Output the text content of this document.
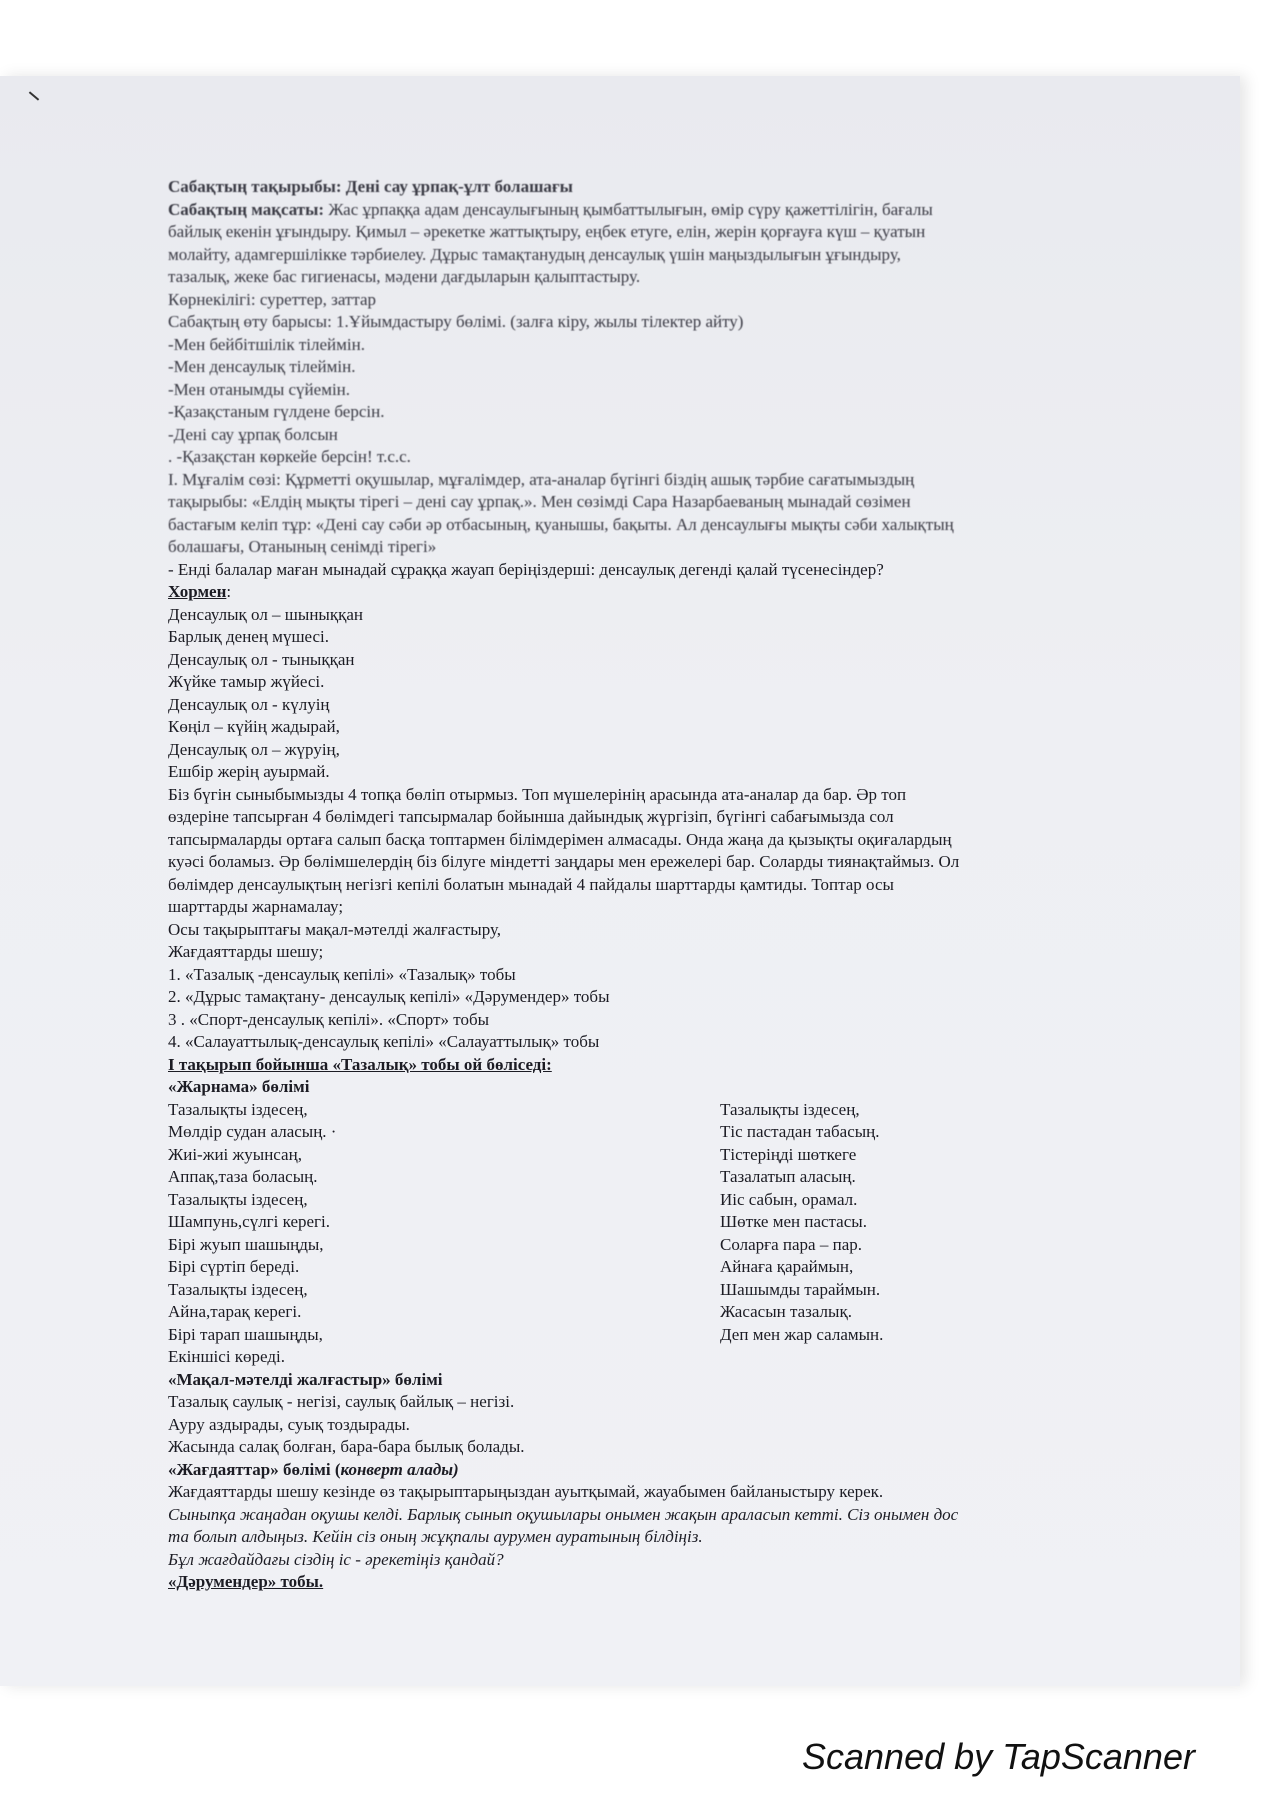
Сабақтың тақырыбы: Дені сау ұрпақ-ұлт болашағы
Сабақтың мақсаты: Жас ұрпаққа адам денсаулығының қымбаттылығын, өмір сүру қажеттілігін, бағалы
байлық екенін ұғындыру. Қимыл – әрекетке жаттықтыру, еңбек етуге, елін, жерін қорғауға күш – қуатын
молайту, адамгершілікке тәрбиелеу. Дұрыс тамақтанудың денсаулық үшін маңыздылығын ұғындыру,
тазалық, жеке бас гигиенасы, мәдени дағдыларын қалыптастыру.
Көрнекілігі: суреттер, заттар
Сабақтың өту барысы: 1.Ұйымдастыру бөлімі. (залға кіру, жылы тілектер айту)
-Мен бейбітшілік тілеймін.
-Мен денсаулық тілеймін.
-Мен отанымды сүйемін.
-Қазақстаным гүлдене берсін.
-Дені сау ұрпақ болсын
. -Қазақстан көркейе берсін! т.с.с.
I. Мұғалім сөзі: Құрметті оқушылар, мұғалімдер, ата-аналар бүгінгі біздің ашық тәрбие сағатымыздың
тақырыбы: «Елдің мықты тірегі – дені сау ұрпақ.». Мен сөзімді Сара Назарбаеваның мынадай сөзімен
бастағым келіп тұр: «Дені сау сәби әр отбасының, қуанышы, бақыты. Ал денсаулығы мықты сәби халықтың
болашағы, Отанының сенімді тірегі»
- Енді балалар маған мынадай сұраққа жауап беріңіздерші: денсаулық дегенді қалай түсенесіндер?
Хормен:
Денсаулық ол – шыныққан
Барлық денең мүшесі.
Денсаулық ол - тыныққан
Жүйке тамыр жүйесі.
Денсаулық ол - күлуің
Көңіл – күйің жадырай,
Денсаулық ол – жүруің,
Ешбір жерің ауырмай.
Біз бүгін сыныбымызды 4 топқа бөліп отырмыз. Топ мүшелерінің арасында ата-аналар да бар. Әр топ
өздеріне тапсырған 4 бөлімдегі тапсырмалар бойынша дайындық жүргізіп, бүгінгі сабағымызда сол
тапсырмаларды ортаға салып басқа топтармен білімдерімен алмасады. Онда жаңа да қызықты оқиғалардың
куәсі боламыз. Әр бөлімшелердің біз білуге міндетті заңдары мен ережелері бар. Соларды тиянақтаймыз. Ол
бөлімдер денсаулықтың негізгі кепілі болатын мынадай 4 пайдалы шарттарды қамтиды. Топтар осы
шарттарды жарнамалау;
Осы тақырыптағы мақал-мәтелді жалғастыру,
Жағдаяттарды шешу;
1. «Тазалық -денсаулық кепілі» «Тазалық» тобы
2. «Дұрыс тамақтану- денсаулық кепілі» «Дәрумендер» тобы
3 . «Спорт-денсаулық кепілі». «Спорт» тобы
4. «Салауаттылық-денсаулық кепілі» «Салауаттылық» тобы
І тақырып бойынша «Тазалық» тобы ой бөліседі:
«Жарнама» бөлімі
Тазалықты іздесең,
Мөлдір судан аласың. ·
Жиі-жиі жуынсаң,
Аппақ,таза боласың.
Тазалықты іздесең,
Шампунь,сүлгі керегі.
Бірі жуып шашыңды,
Бірі сүртіп береді.
Тазалықты іздесең,
Айна,тарақ керегі.
Бірі тарап шашыңды,
Екіншісі көреді.
Тазалықты іздесең,
Тіс пастадан табасың.
Тістеріңді шөткеге
Тазалатып аласың.
Иіс сабын, орамал.
Шөтке мен пастасы.
Соларға пара – пар.
Айнаға қараймын,
Шашымды тараймын.
Жасасын тазалық.
Деп мен жар саламын.
«Мақал-мәтелді жалғастыр» бөлімі
Тазалық саулық - негізі, саулық байлық – негізі.
Ауру аздырады, суық тоздырады.
Жасында салақ болған, бара-бара былық болады.
«Жағдаяттар» бөлімі (конверт алады)
Жағдаяттарды шешу кезінде өз тақырыптарыңыздан ауытқымай, жауабымен байланыстыру керек.
Сыныпқа жаңадан оқушы келді. Барлық сынып оқушылары онымен жақын араласып кетті. Сіз онымен дос
та болып алдыңыз. Кейін сіз оның жұқпалы аурумен ауратының білдіңіз.
Бұл жағдайдағы сіздің іс - әрекетіңіз қандай?
«Дәрумендер» тобы.
Scanned by TapScanner
